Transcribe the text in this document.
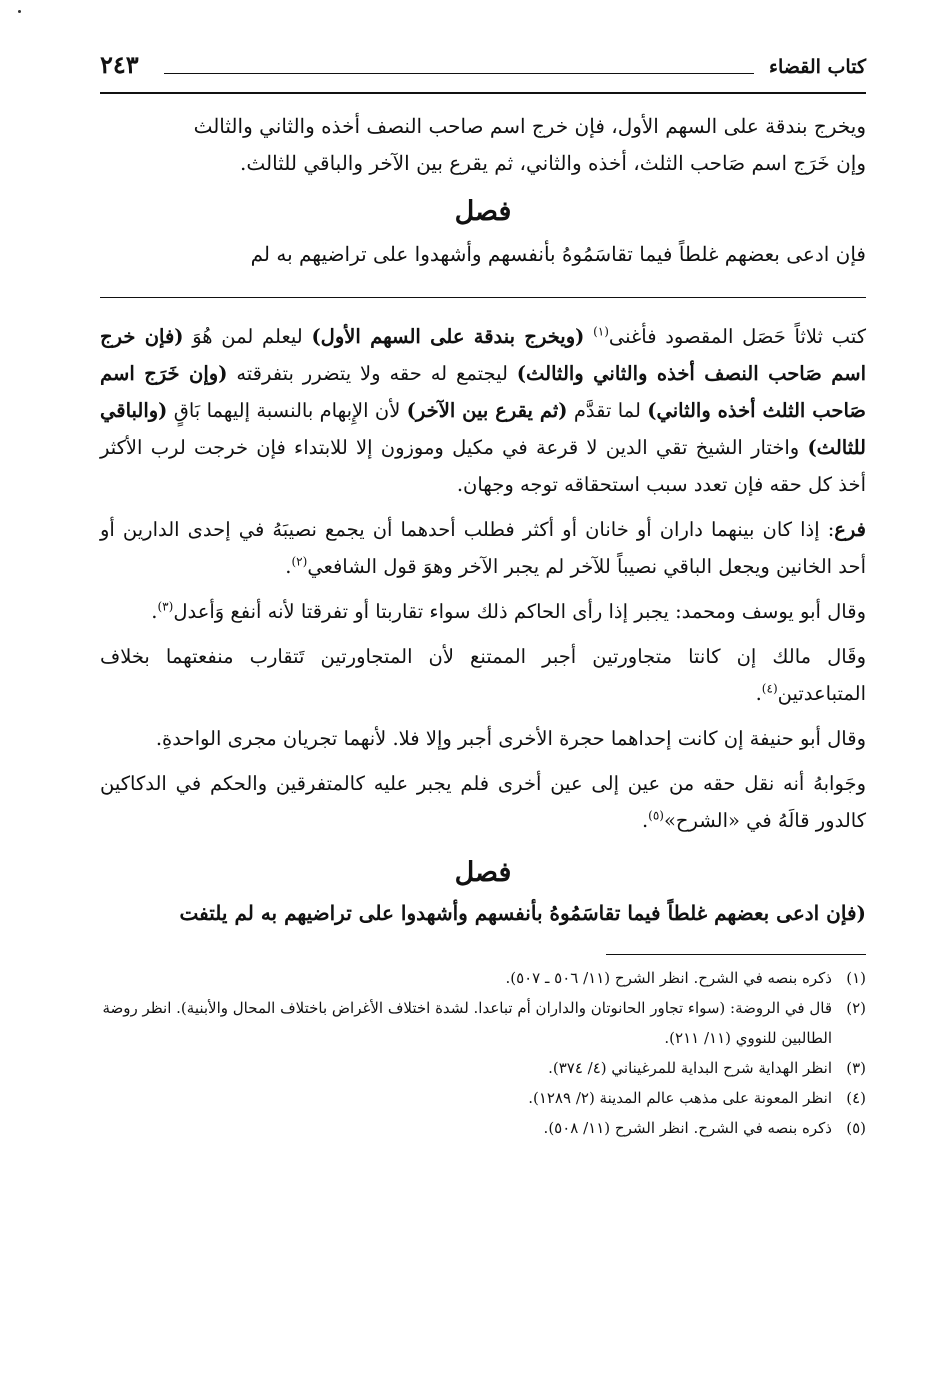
كتاب القضاء
٢٤٣

ويخرج بندقة على السهم الأول، فإن خرج اسم صاحب النصف أخذه والثاني والثالث

وإن خَرَج اسم صَاحب الثلث، أخذه والثاني، ثم يقرع بين الآخر والباقي للثالث.

فصل

فإن ادعى بعضهم غلطاً فيما تقاسَمُوهُ بأنفسهم وأشهدوا على تراضيهم به لم

كتب ثلاثاً حَصَل المقصود فأغنى$^{(١)}$ (ويخرج بندقة على السهم الأول) ليعلم لمن هُوَ (فإن خرج اسم صَاحب النصف أخذه والثاني والثالث) ليجتمع له حقه ولا يتضرر بتفرقته (وإن خَرَج اسم صَاحب الثلث أخذه والثاني) لما تقدَّم (ثم يقرع بين الآخر) لأن الإِبهام بالنسبة إليهما بَاقٍ (والباقي للثالث) واختار الشيخ تقي الدين لا قرعة في مكيل وموزون إلا للابتداء فإن خرجت لرب الأكثر أخذ كل حقه فإن تعدد سبب استحقاقه توجه وجهان.

فرع: إذا كان بينهما داران أو خانان أو أكثر فطلب أحدهما أن يجمع نصيبَهُ في إحدى الدارين أو أحد الخانين ويجعل الباقي نصيباً للآخر لم يجبر الآخر وهوَ قول الشافعي$^{(٢)}$.

وقال أبو يوسف ومحمد: يجبر إذا رأى الحاكم ذلك سواء تقاربتا أو تفرقتا لأنه أنفع وَأعدل$^{(٣)}$.

وقَال مالك إن كانتا متجاورتين أجبر الممتنع لأن المتجاورتين تَتقارب منفعتهما بخلاف المتباعدتين$^{(٤)}$.

وقال أبو حنيفة إن كانت إحداهما حجرة الأخرى أجبر وإلا فلا. لأنهما تجريان مجرى الواحدةِ.

وجَوابهُ أنه نقل حقه من عين إلى عين أخرى فلم يجبر عليه كالمتفرقين والحكم في الدكاكين كالدور قالَهُ في «الشرح»$^{(٥)}$.

فصل
(فإن ادعى بعضهم غلطاً فيما تقاسَمُوهُ بأنفسهم وأشهدوا على تراضيهم به لم يلتفت

(١)
ذكره بنصه في الشرح. انظر الشرح (١١/ ٥٠٦ ـ ٥٠٧).

(٢)
قال في الروضة: (سواء تجاور الحانوتان والداران أم تباعدا. لشدة اختلاف الأغراض باختلاف المحال والأبنية). انظر روضة الطالبين للنووي (١١/ ٢١١).

(٣)
انظر الهداية شرح البداية للمرغيناني (٤/ ٣٧٤).

(٤)
انظر المعونة على مذهب عالم المدينة (٢/ ١٢٨٩).

(٥)
ذكره بنصه في الشرح. انظر الشرح (١١/ ٥٠٨).
